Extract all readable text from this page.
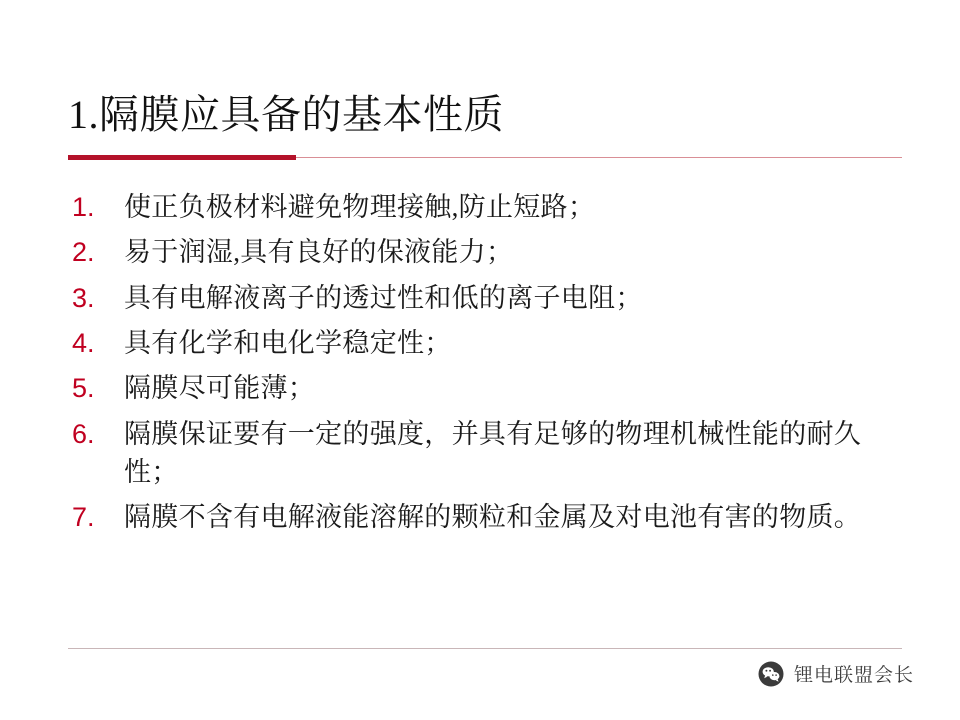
1.隔膜应具备的基本性质
1.	使正负极材料避免物理接触,防止短路；
2.	易于润湿,具有良好的保液能力；
3.	具有电解液离子的透过性和低的离子电阻；
4.	具有化学和电化学稳定性；
5.	隔膜尽可能薄；
6.	隔膜保证要有一定的强度，并具有足够的物理机械性能的耐久性；
7.	隔膜不含有电解液能溶解的颗粒和金属及对电池有害的物质。
锂电联盟会长
